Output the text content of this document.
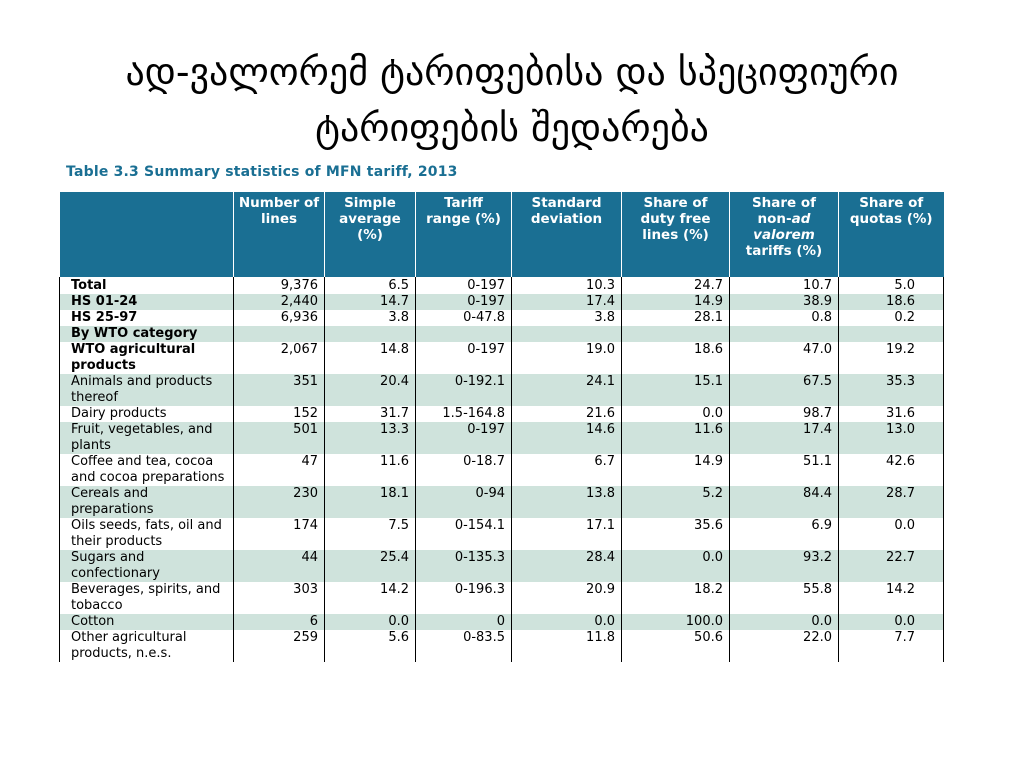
ად-ვალორემ ტარიფებისა და სპეციფიური
ტარიფების შედარება

Table 3.3 Summary statistics of MFN tariff, 2013

	Number of lines	Simple average (%)	Tariff range (%)	Standard deviation	Share of duty free lines (%)	Share of non-ad valorem tariffs (%)	Share of quotas (%)
Total	9,376	6.5	0-197	10.3	24.7	10.7	5.0
HS 01-24	2,440	14.7	0-197	17.4	14.9	38.9	18.6
HS 25-97	6,936	3.8	0-47.8	3.8	28.1	0.8	0.2
By WTO category							
WTO agricultural products	2,067	14.8	0-197	19.0	18.6	47.0	19.2
Animals and products thereof	351	20.4	0-192.1	24.1	15.1	67.5	35.3
Dairy products	152	31.7	1.5-164.8	21.6	0.0	98.7	31.6
Fruit, vegetables, and plants	501	13.3	0-197	14.6	11.6	17.4	13.0
Coffee and tea, cocoa and cocoa preparations	47	11.6	0-18.7	6.7	14.9	51.1	42.6
Cereals and preparations	230	18.1	0-94	13.8	5.2	84.4	28.7
Oils seeds, fats, oil and their products	174	7.5	0-154.1	17.1	35.6	6.9	0.0
Sugars and confectionary	44	25.4	0-135.3	28.4	0.0	93.2	22.7
Beverages, spirits, and tobacco	303	14.2	0-196.3	20.9	18.2	55.8	14.2
Cotton	6	0.0	0	0.0	100.0	0.0	0.0
Other agricultural products, n.e.s.	259	5.6	0-83.5	11.8	50.6	22.0	7.7
